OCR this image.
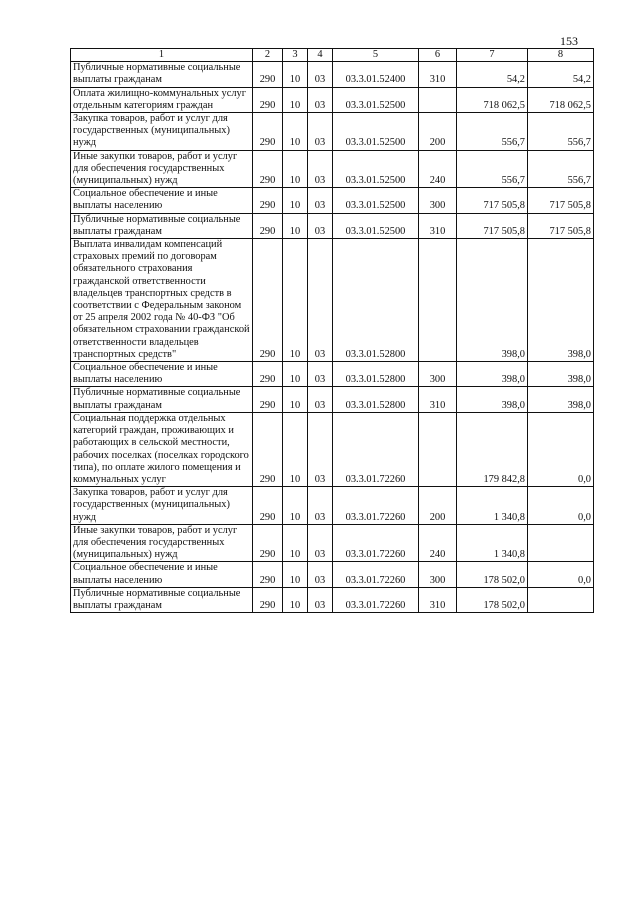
153
1	2	3	4	5	6	7	8
Публичные нормативные социальные выплаты гражданам	290	10	03	03.3.01.52400	310	54,2	54,2
Оплата жилищно-коммунальных услуг отдельным категориям граждан	290	10	03	03.3.01.52500		718 062,5	718 062,5
Закупка товаров, работ и услуг для государственных (муниципальных) нужд	290	10	03	03.3.01.52500	200	556,7	556,7
Иные закупки товаров, работ и услуг для обеспечения государственных (муниципальных) нужд	290	10	03	03.3.01.52500	240	556,7	556,7
Социальное обеспечение и иные выплаты населению	290	10	03	03.3.01.52500	300	717 505,8	717 505,8
Публичные нормативные социальные выплаты гражданам	290	10	03	03.3.01.52500	310	717 505,8	717 505,8
Выплата инвалидам компенсаций страховых премий по договорам обязательного страхования гражданской ответственности владельцев транспортных средств в соответствии с Федеральным законом от 25 апреля 2002 года № 40-ФЗ "Об обязательном страховании гражданской ответственности владельцев транспортных средств"	290	10	03	03.3.01.52800		398,0	398,0
Социальное обеспечение и иные выплаты населению	290	10	03	03.3.01.52800	300	398,0	398,0
Публичные нормативные социальные выплаты гражданам	290	10	03	03.3.01.52800	310	398,0	398,0
Социальная поддержка отдельных категорий граждан, проживающих и работающих в сельской местности, рабочих поселках (поселках городского типа), по оплате жилого помещения и коммунальных услуг	290	10	03	03.3.01.72260		179 842,8	0,0
Закупка товаров, работ и услуг для государственных (муниципальных) нужд	290	10	03	03.3.01.72260	200	1 340,8	0,0
Иные закупки товаров, работ и услуг для обеспечения государственных (муниципальных) нужд	290	10	03	03.3.01.72260	240	1 340,8	
Социальное обеспечение и иные выплаты населению	290	10	03	03.3.01.72260	300	178 502,0	0,0
Публичные нормативные социальные выплаты гражданам	290	10	03	03.3.01.72260	310	178 502,0	
